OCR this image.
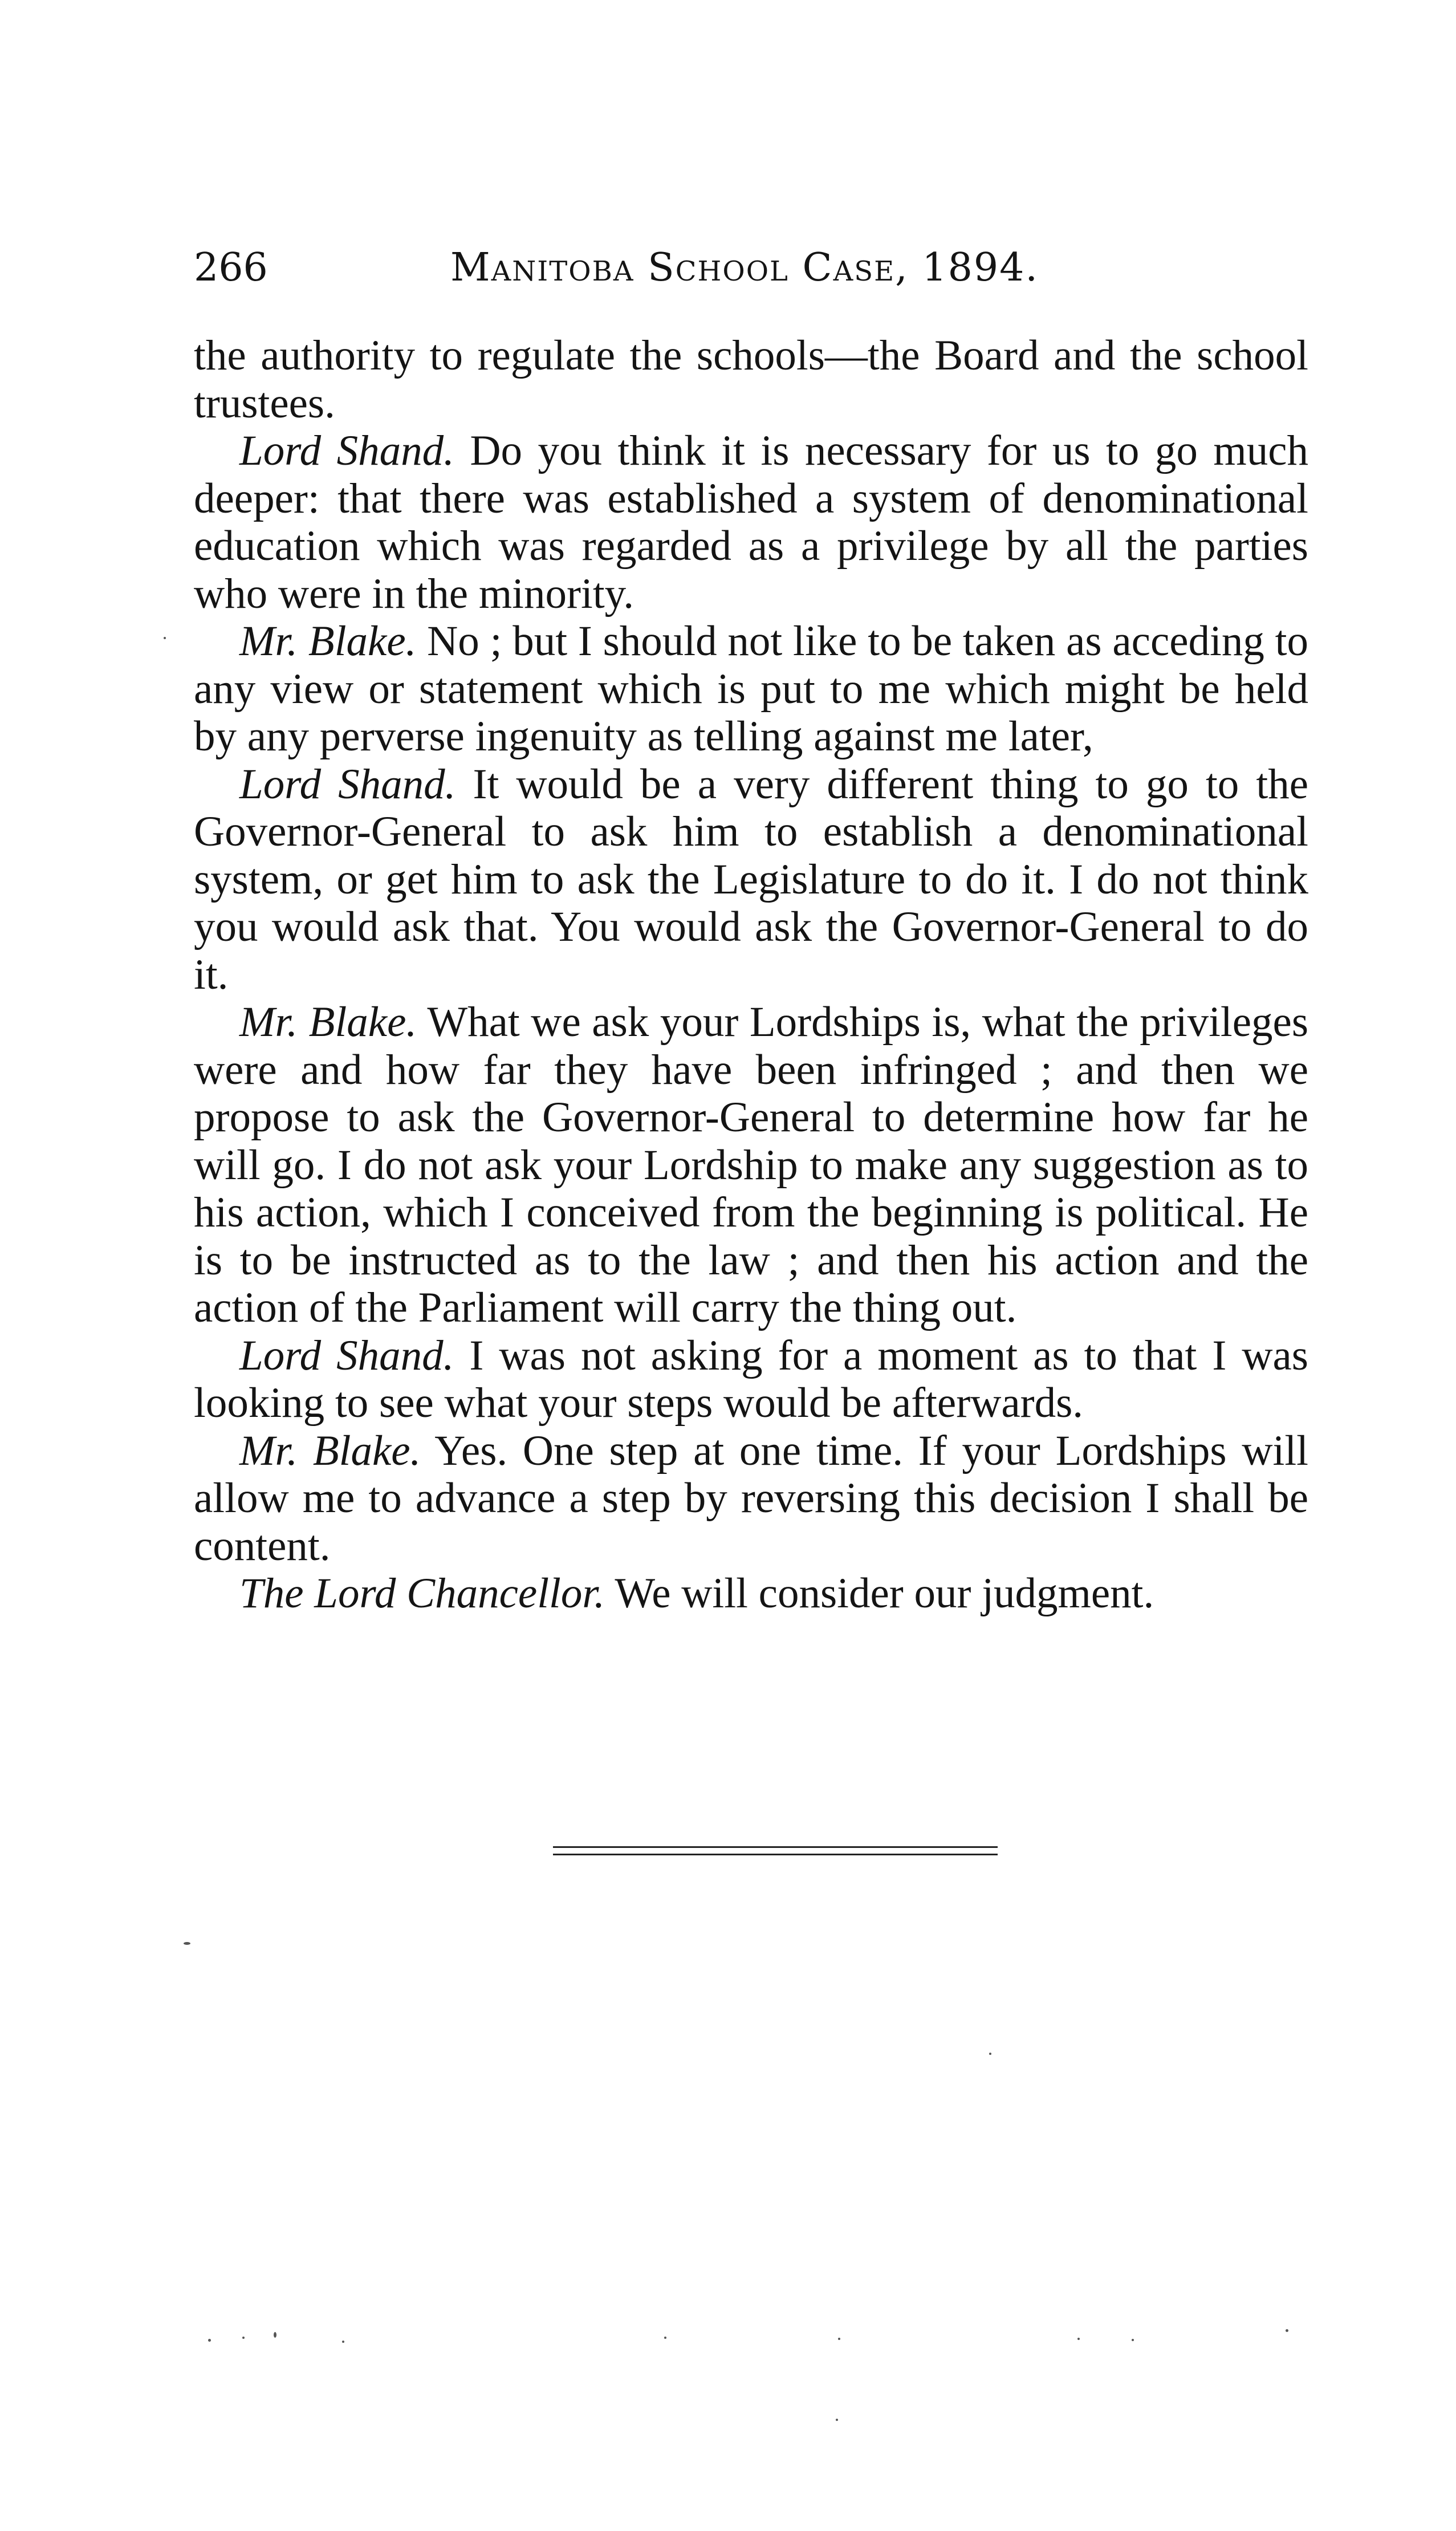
266	Manitoba School Case, 1894.

the authority to regulate the schools—the Board and the school trustees.

Lord Shand. Do you think it is necessary for us to go much deeper: that there was established a system of denominational education which was regarded as a privilege by all the parties who were in the minority.

Mr. Blake. No ; but I should not like to be taken as acceding to any view or statement which is put to me which might be held by any perverse ingenuity as telling against me later,

Lord Shand. It would be a very different thing to go to the Governor-General to ask him to establish a denominational system, or get him to ask the Legislature to do it. I do not think you would ask that. You would ask the Governor-General to do it.

Mr. Blake. What we ask your Lordships is, what the privileges were and how far they have been infringed ; and then we propose to ask the Governor-General to determine how far he will go. I do not ask your Lordship to make any suggestion as to his action, which I conceived from the beginning is political. He is to be instructed as to the law ; and then his action and the action of the Parliament will carry the thing out.

Lord Shand. I was not asking for a moment as to that I was looking to see what your steps would be afterwards.

Mr. Blake. Yes. One step at one time. If your Lordships will allow me to advance a step by reversing this decision I shall be content.

The Lord Chancellor. We will consider our judgment.
